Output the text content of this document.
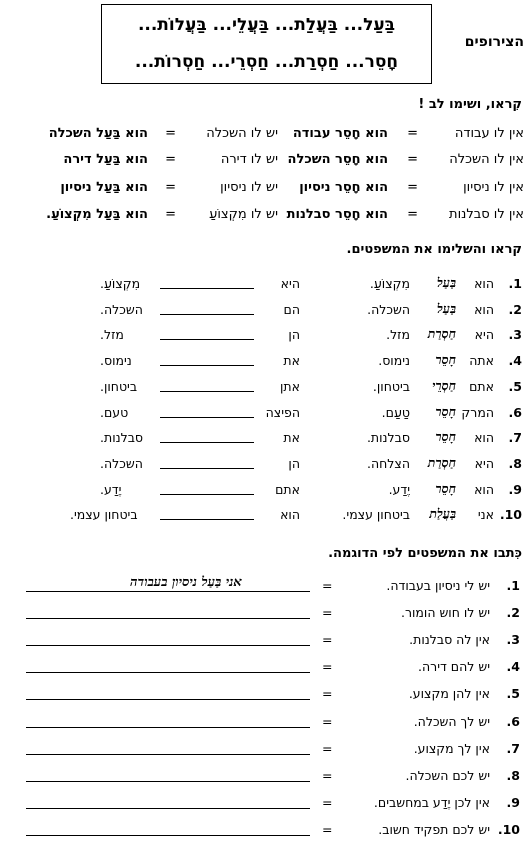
הצירופים
בַּעַל... בַּעֲלַת... בַּעֲלֵי... בַּעֲלוֹת...
חָסֵר... חַסְרַת... חַסְרֵי... חַסְרוֹת...
קִראו, ושימו לב !
אין לו עבודה
=
הוא חָסֵר עבודה
יש לו השכלה
=
הוא בַּעַל השכלה
אין לו השכלה
=
הוא חָסֵר השכלה
יש לו דירה
=
הוא בַּעַל דירה
אין לו ניסיון
=
הוא חָסֵר ניסיון
יש לו ניסיון
=
הוא בַּעַל ניסיון
אין לו סבלנות
=
הוא חָסֵר סבלנות
יש לו מִקְצוֹעַ
=
הוא בַּעַל מִקְצוֹעַ.
קראו והשלימו את המשפטים.
1.
הוא
בַּעַל
מִקְצוֹעַ.
היא
מִקְצוֹעַ.
2.
הוא
בַּעַל
השכלה.
הם
השכלה.
3.
היא
חַסְרַת
מזל.
הן
מזל.
4.
אתה
חָסֵר
נימוס.
את
נימוס.
5.
אתם
חַסְרֵי
ביטחון.
אתן
ביטחון.
6.
המרק
חָסֵר
טַעַם.
הפיצה
טעם.
7.
הוא
חָסֵר
סבלנות.
את
סבלנות.
8.
היא
חַסְרַת
הצלחה.
הן
השכלה.
9.
הוא
חָסֵר
יֶדַע.
אתם
יֶדַע.
10.
אני
בַּעֲלַת
ביטחון עצמי.
הוא
ביטחון עצמי.
כִּתבו את המשפטים לפי הדוגמה.
1.
יש לי ניסיון בעבודה.
=
2.
יש לו חוש הומור.
=
3.
אין לה סבלנות.
=
4.
יש להם דירה.
=
5.
אין להן מקצוע.
=
6.
יש לך השכלה.
=
7.
אין לך מקצוע.
=
8.
יש לכם השכלה.
=
9.
אין לכן יֶדַע במחשבים.
=
10.
יש לכם תפקיד חשוב.
=
אני בַּעַל ניסיון בעבודה
